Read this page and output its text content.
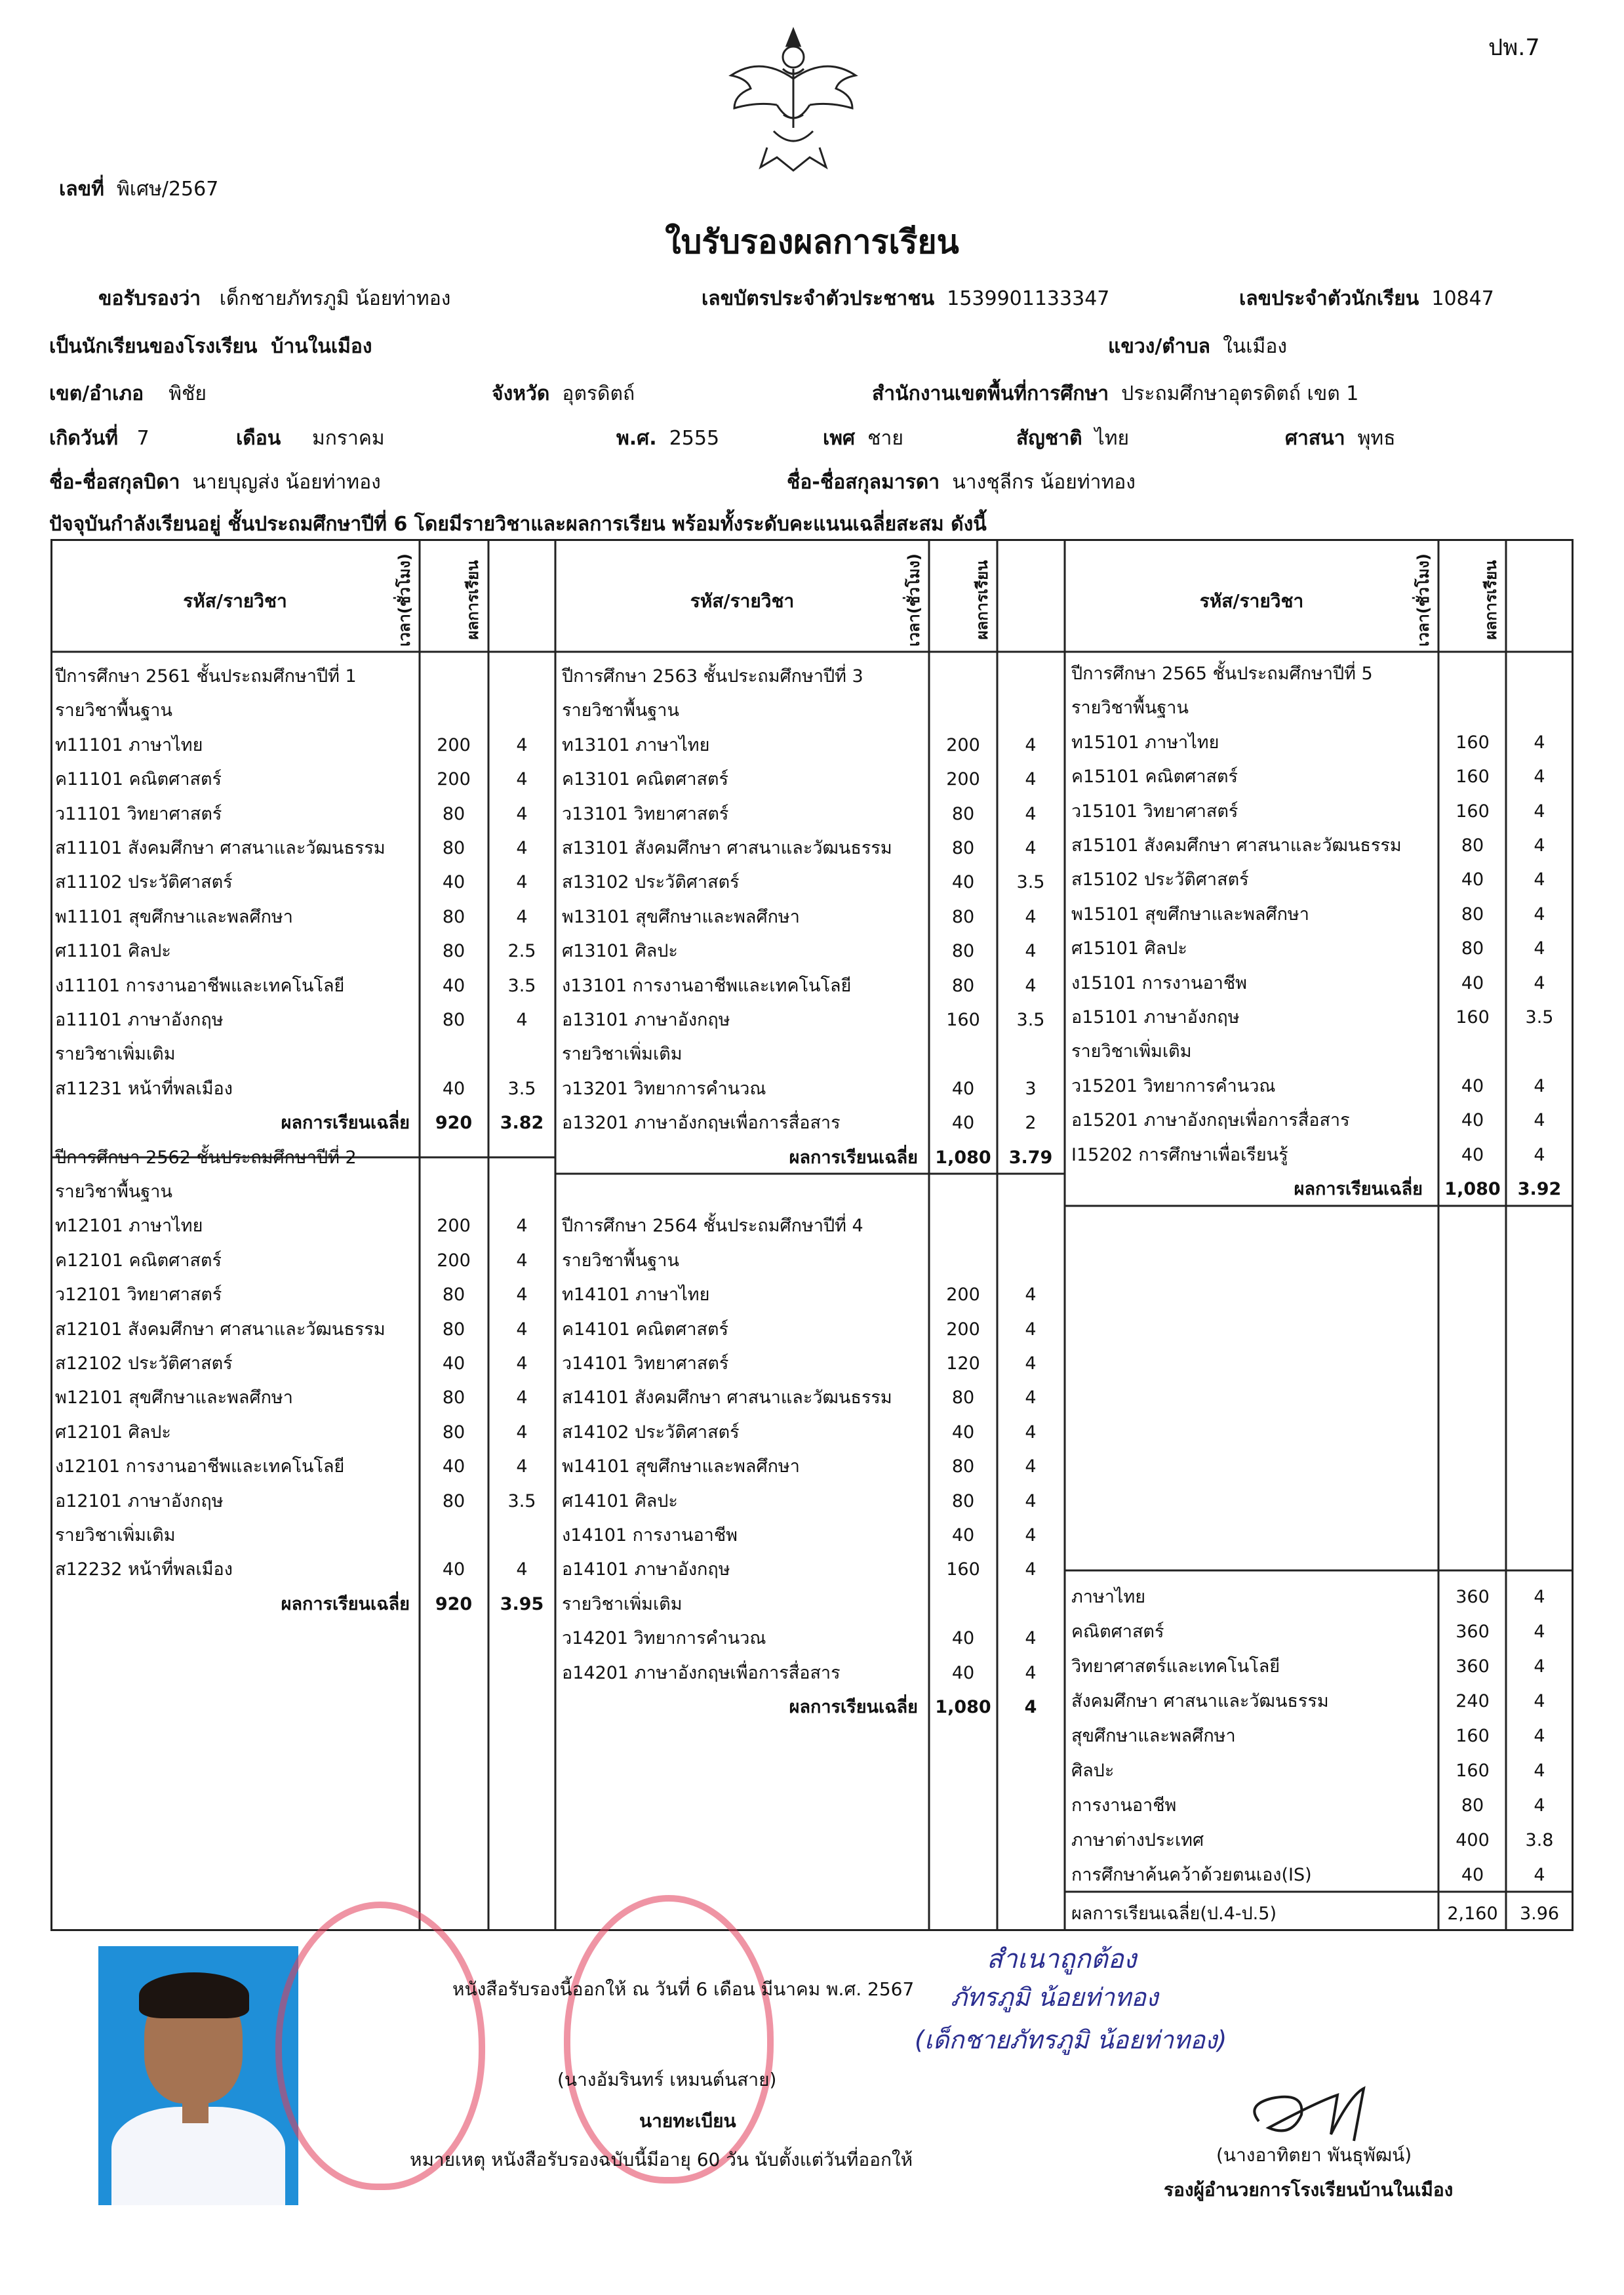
ปพ.7
เลขที่ พิเศษ/2567
ใบรับรองผลการเรียน
ขอรับรองว่า เด็กชายภัทรภูมิ น้อยท่าทอง	เลขบัตรประจำตัวประชาชน 1539901133347	เลขประจำตัวนักเรียน 10847
เป็นนักเรียนของโรงเรียน บ้านในเมือง	แขวง/ตำบล ในเมือง
เขต/อำเภอ พิชัย	จังหวัด อุตรดิตถ์	สำนักงานเขตพื้นที่การศึกษา ประถมศึกษาอุตรดิตถ์ เขต 1
เกิดวันที่ 7	เดือน มกราคม	พ.ศ. 2555	เพศ ชาย	สัญชาติ ไทย	ศาสนา พุทธ
ชื่อ-ชื่อสกุลบิดา นายบุญส่ง น้อยท่าทอง	ชื่อ-ชื่อสกุลมารดา นางชุลีกร น้อยท่าทอง
ปัจจุบันกำลังเรียนอยู่ ชั้นประถมศึกษาปีที่ 6 โดยมีรายวิชาและผลการเรียน พร้อมทั้งระดับคะแนนเฉลี่ยสะสม ดังนี้
รหัส/รายวิชา	รหัส/รายวิชา	รหัส/รายวิชา
เวลา(ชั่วโมง)	ผลการเรียน	เวลา(ชั่วโมง)	ผลการเรียน	เวลา(ชั่วโมง)	ผลการเรียน
ปีการศึกษา 2561 ชั้นประถมศึกษาปีที่ 1
รายวิชาพื้นฐาน
ท11101 ภาษาไทย	200	4
ค11101 คณิตศาสตร์	200	4
ว11101 วิทยาศาสตร์	80	4
ส11101 สังคมศึกษา ศาสนาและวัฒนธรรม	80	4
ส11102 ประวัติศาสตร์	40	4
พ11101 สุขศึกษาและพลศึกษา	80	4
ศ11101 ศิลปะ	80	2.5
ง11101 การงานอาชีพและเทคโนโลยี	40	3.5
อ11101 ภาษาอังกฤษ	80	4
รายวิชาเพิ่มเติม
ส11231 หน้าที่พลเมือง	40	3.5
ผลการเรียนเฉลี่ย	920	3.82
ปีการศึกษา 2562 ชั้นประถมศึกษาปีที่ 2
รายวิชาพื้นฐาน
ท12101 ภาษาไทย	200	4
ค12101 คณิตศาสตร์	200	4
ว12101 วิทยาศาสตร์	80	4
ส12101 สังคมศึกษา ศาสนาและวัฒนธรรม	80	4
ส12102 ประวัติศาสตร์	40	4
พ12101 สุขศึกษาและพลศึกษา	80	4
ศ12101 ศิลปะ	80	4
ง12101 การงานอาชีพและเทคโนโลยี	40	4
อ12101 ภาษาอังกฤษ	80	3.5
รายวิชาเพิ่มเติม
ส12232 หน้าที่พลเมือง	40	4
ผลการเรียนเฉลี่ย	920	3.95
ปีการศึกษา 2563 ชั้นประถมศึกษาปีที่ 3
รายวิชาพื้นฐาน
ท13101 ภาษาไทย	200	4
ค13101 คณิตศาสตร์	200	4
ว13101 วิทยาศาสตร์	80	4
ส13101 สังคมศึกษา ศาสนาและวัฒนธรรม	80	4
ส13102 ประวัติศาสตร์	40	3.5
พ13101 สุขศึกษาและพลศึกษา	80	4
ศ13101 ศิลปะ	80	4
ง13101 การงานอาชีพและเทคโนโลยี	80	4
อ13101 ภาษาอังกฤษ	160	3.5
รายวิชาเพิ่มเติม
ว13201 วิทยาการคำนวณ	40	3
อ13201 ภาษาอังกฤษเพื่อการสื่อสาร	40	2
ผลการเรียนเฉลี่ย 1,080 3.79
ปีการศึกษา 2564 ชั้นประถมศึกษาปีที่ 4
รายวิชาพื้นฐาน
ท14101 ภาษาไทย	200	4
ค14101 คณิตศาสตร์	200	4
ว14101 วิทยาศาสตร์	120	4
ส14101 สังคมศึกษา ศาสนาและวัฒนธรรม	80	4
ส14102 ประวัติศาสตร์	40	4
พ14101 สุขศึกษาและพลศึกษา	80	4
ศ14101 ศิลปะ	80	4
ง14101 การงานอาชีพ	40	4
อ14101 ภาษาอังกฤษ	160	4
รายวิชาเพิ่มเติม
ว14201 วิทยาการคำนวณ	40	4
อ14201 ภาษาอังกฤษเพื่อการสื่อสาร	40	4
ผลการเรียนเฉลี่ย 1,080	4
ปีการศึกษา 2565 ชั้นประถมศึกษาปีที่ 5
รายวิชาพื้นฐาน
ท15101 ภาษาไทย	160	4
ค15101 คณิตศาสตร์	160	4
ว15101 วิทยาศาสตร์	160	4
ส15101 สังคมศึกษา ศาสนาและวัฒนธรรม	80	4
ส15102 ประวัติศาสตร์	40	4
พ15101 สุขศึกษาและพลศึกษา	80	4
ศ15101 ศิลปะ	80	4
ง15101 การงานอาชีพ	40	4
อ15101 ภาษาอังกฤษ	160	3.5
รายวิชาเพิ่มเติม
ว15201 วิทยาการคำนวณ	40	4
อ15201 ภาษาอังกฤษเพื่อการสื่อสาร	40	4
I15202 การศึกษาเพื่อเรียนรู้	40	4
ผลการเรียนเฉลี่ย	1,080 3.92
ภาษาไทย	360	4
คณิตศาสตร์	360	4
วิทยาศาสตร์และเทคโนโลยี	360	4
สังคมศึกษา ศาสนาและวัฒนธรรม	240	4
สุขศึกษาและพลศึกษา	160	4
ศิลปะ	160	4
การงานอาชีพ	80	4
ภาษาต่างประเทศ	400	3.8
การศึกษาค้นคว้าด้วยตนเอง(IS)	40	4
ผลการเรียนเฉลี่ย(ป.4-ป.5)	2,160	3.96
หนังสือรับรองนี้ออกให้ ณ วันที่ 6 เดือน มีนาคม พ.ศ. 2567
(นางอัมรินทร์ เหมนต์นสาย)
นายทะเบียน
หมายเหตุ หนังสือรับรองฉบับนี้มีอายุ 60 วัน นับตั้งแต่วันที่ออกให้
สำเนาถูกต้อง
ภัทรภูมิ น้อยท่าทอง
(เด็กชายภัทรภูมิ น้อยท่าทอง)
(นางอาทิตยา พันธุพัฒน์)
รองผู้อำนวยการโรงเรียนบ้านในเมือง
